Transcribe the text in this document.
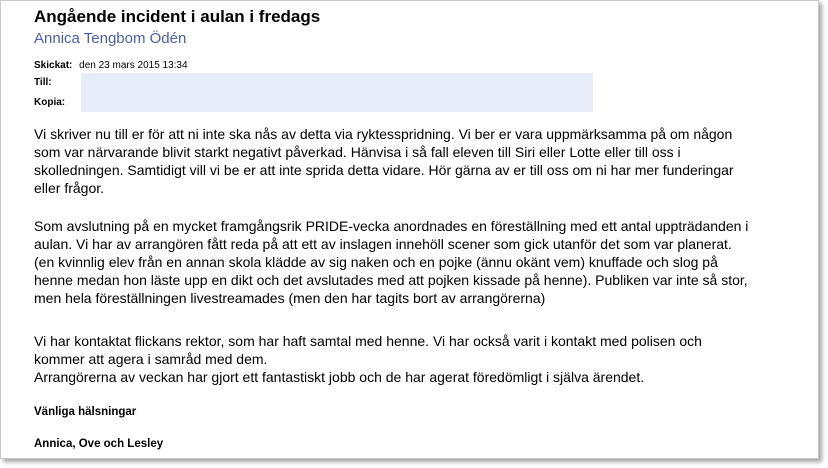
Angående incident i aulan i fredags
Annica Tengbom Ödén
Skickat: den 23 mars 2015 13:34
Till:
Kopia:
Vi skriver nu till er för att ni inte ska nås av detta via ryktesspridning. Vi ber er vara uppmärksamma på om någon
som var närvarande blivit starkt negativt påverkad. Hänvisa i så fall eleven till Siri eller Lotte eller till oss i
skolledningen. Samtidigt vill vi be er att inte sprida detta vidare. Hör gärna av er till oss om ni har mer funderingar
eller frågor.
Som avslutning på en mycket framgångsrik PRIDE-vecka anordnades en föreställning med ett antal uppträdanden i
aulan. Vi har av arrangören fått reda på att ett av inslagen innehöll scener som gick utanför det som var planerat.
(en kvinnlig elev från en annan skola klädde av sig naken och en pojke (ännu okänt vem) knuffade och slog på
henne medan hon läste upp en dikt och det avslutades med att pojken kissade på henne). Publiken var inte så stor,
men hela föreställningen livestreamades (men den har tagits bort av arrangörerna)
Vi har kontaktat flickans rektor, som har haft samtal med henne. Vi har också varit i kontakt med polisen och
kommer att agera i samråd med dem.
Arrangörerna av veckan har gjort ett fantastiskt jobb och de har agerat föredömligt i själva ärendet.
Vänliga hälsningar
Annica, Ove och Lesley
